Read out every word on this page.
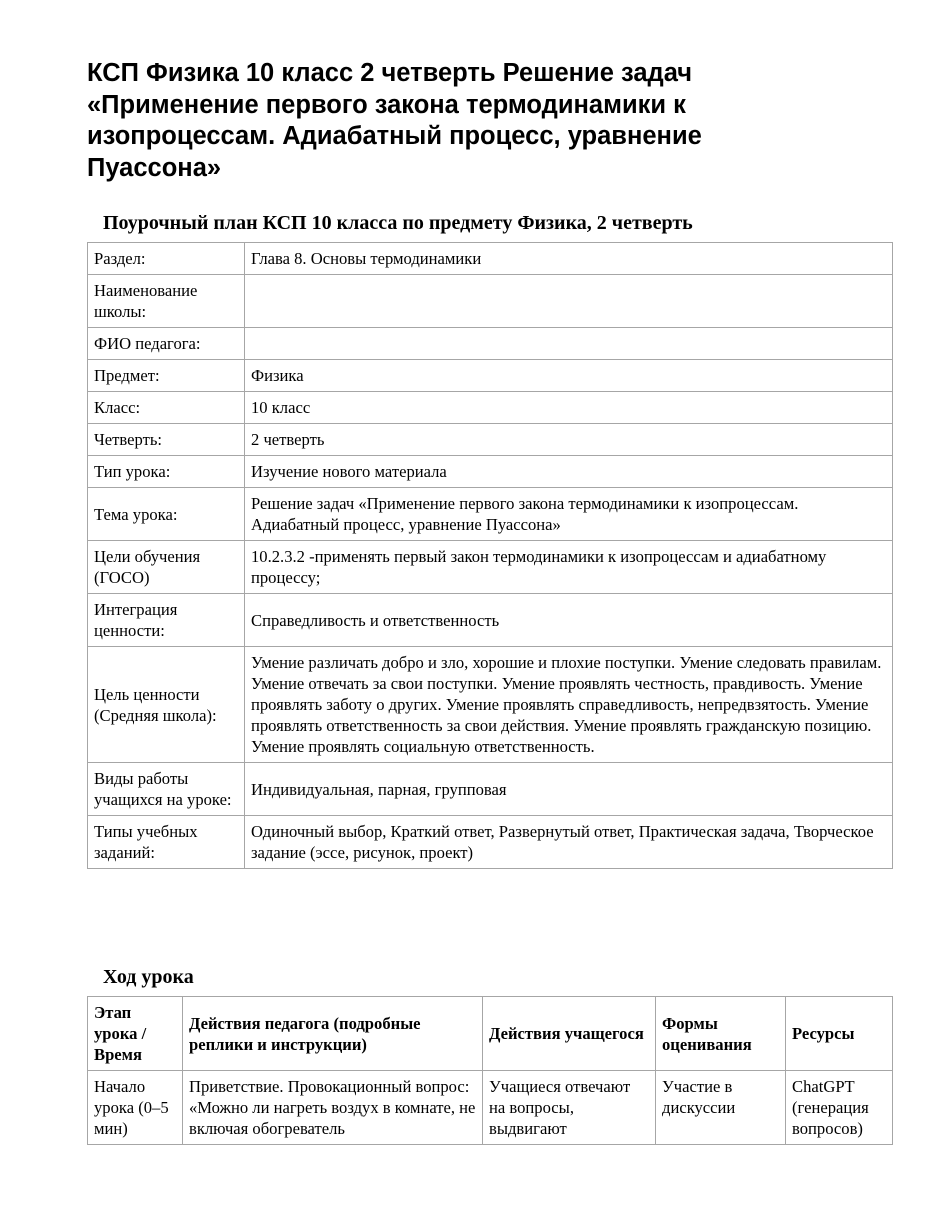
КСП Физика 10 класс 2 четверть Решение задач «Применение первого закона термодинамики к изопроцессам. Адиабатный процесс, уравнение Пуассона»
Поурочный план КСП 10 класса по предмету Физика, 2 четверть
Раздел:	Глава 8. Основы термодинамики
Наименование школы:	
ФИО педагога:	
Предмет:	Физика
Класс:	10 класс
Четверть:	2 четверть
Тип урока:	Изучение нового материала
Тема урока:	Решение задач «Применение первого закона термодинамики к изопроцессам. Адиабатный процесс, уравнение Пуассона»
Цели обучения (ГОСО)	10.2.3.2 -применять первый закон термодинамики к изопроцессам и адиабатному процессу;
Интеграция ценности:	Справедливость и ответственность
Цель ценности (Средняя школа):	Умение различать добро и зло, хорошие и плохие поступки. Умение следовать правилам. Умение отвечать за свои поступки. Умение проявлять честность, правдивость. Умение проявлять заботу о других. Умение проявлять справедливость, непредвзятость. Умение проявлять ответственность за свои действия. Умение проявлять гражданскую позицию. Умение проявлять социальную ответственность.
Виды работы учащихся на уроке:	Индивидуальная, парная, групповая
Типы учебных заданий:	Одиночный выбор, Краткий ответ, Развернутый ответ, Практическая задача, Творческое задание (эссе, рисунок, проект)
Ход урока
Этап урока / Время	Действия педагога (подробные реплики и инструкции)	Действия учащегося	Формы оценивания	Ресурсы
Начало урока (0–5 мин)	Приветствие. Провокационный вопрос: «Можно ли нагреть воздух в комнате, не включая обогреватель	Учащиеся отвечают на вопросы, выдвигают	Участие в дискуссии	ChatGPT (генерация вопросов)
